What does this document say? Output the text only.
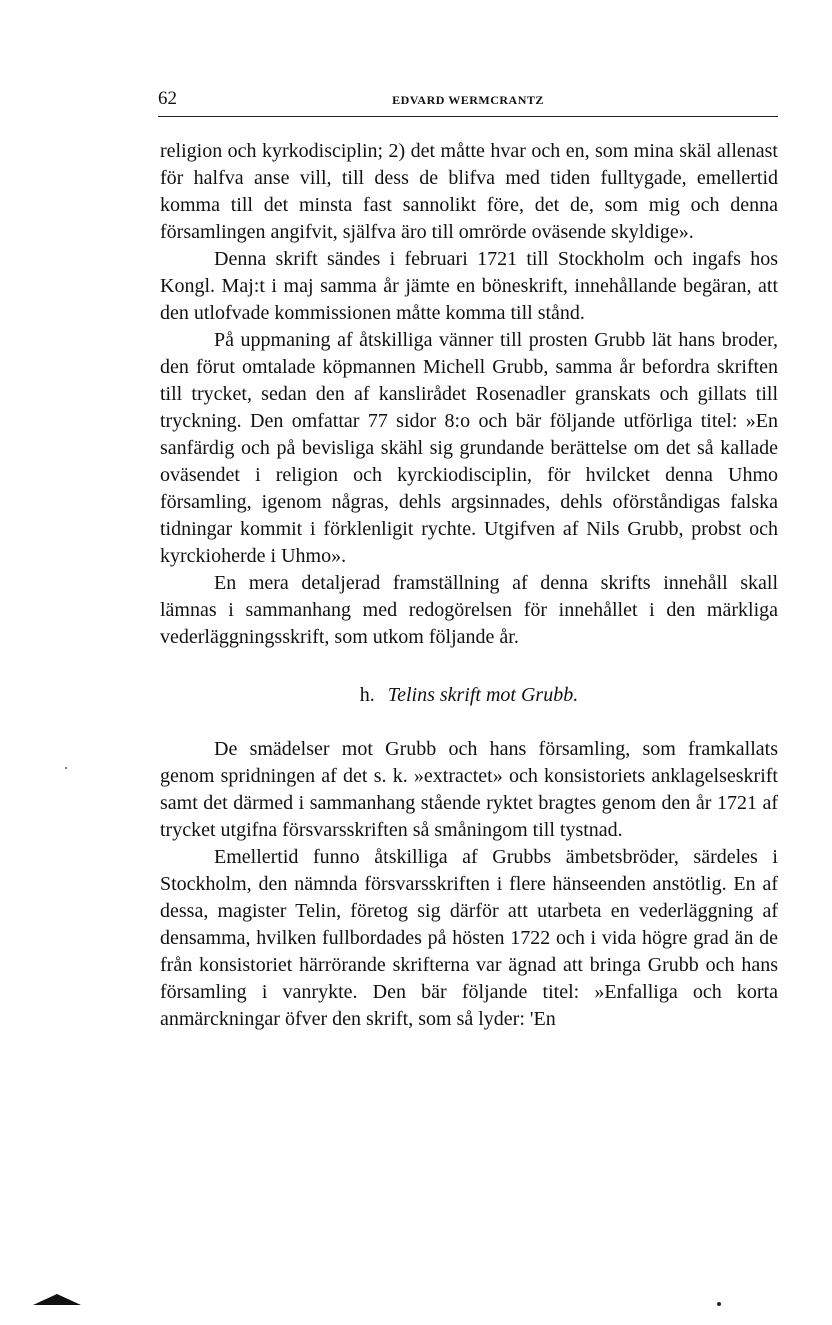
62	EDVARD WERMCRANTZ

religion och kyrkodisciplin; 2) det måtte hvar och en, som mina skäl allenast för halfva anse vill, till dess de blifva med tiden fulltygade, emellertid komma till det minsta fast sannolikt före, det de, som mig och denna församlingen angifvit, själfva äro till omrörde oväsende skyldige».

Denna skrift sändes i februari 1721 till Stockholm och ingafs hos Kongl. Maj:t i maj samma år jämte en böneskrift, innehållande begäran, att den utlofvade kommissionen måtte komma till stånd.

På uppmaning af åtskilliga vänner till prosten Grubb lät hans broder, den förut omtalade köpmannen Michell Grubb, samma år befordra skriften till trycket, sedan den af kanslirådet Rosenadler granskats och gillats till tryckning. Den omfattar 77 sidor 8:o och bär följande utförliga titel: »En sanfärdig och på bevisliga skähl sig grundande berättelse om det så kallade oväsendet i religion och kyrckiodisciplin, för hvilcket denna Uhmo församling, igenom någras, dehls argsinnades, dehls oförståndigas falska tidningar kommit i förklenligit rychte. Utgifven af Nils Grubb, probst och kyrckioherde i Uhmo».

En mera detaljerad framställning af denna skrifts innehåll skall lämnas i sammanhang med redogörelsen för innehållet i den märkliga vederläggningsskrift, som utkom följande år.

h. Telins skrift mot Grubb.

De smädelser mot Grubb och hans församling, som framkallats genom spridningen af det s. k. »extractet» och konsistoriets anklagelseskrift samt det därmed i sammanhang stående ryktet bragtes genom den år 1721 af trycket utgifna försvarsskriften så småningom till tystnad.

Emellertid funno åtskilliga af Grubbs ämbetsbröder, särdeles i Stockholm, den nämnda försvarsskriften i flere hänseenden anstötlig. En af dessa, magister Telin, företog sig därför att utarbeta en vederläggning af densamma, hvilken fullbordades på hösten 1722 och i vida högre grad än de från konsistoriet härrörande skrifterna var ägnad att bringa Grubb och hans församling i vanrykte. Den bär följande titel: »Enfalliga och korta anmärckningar öfver den skrift, som så lyder: 'En
